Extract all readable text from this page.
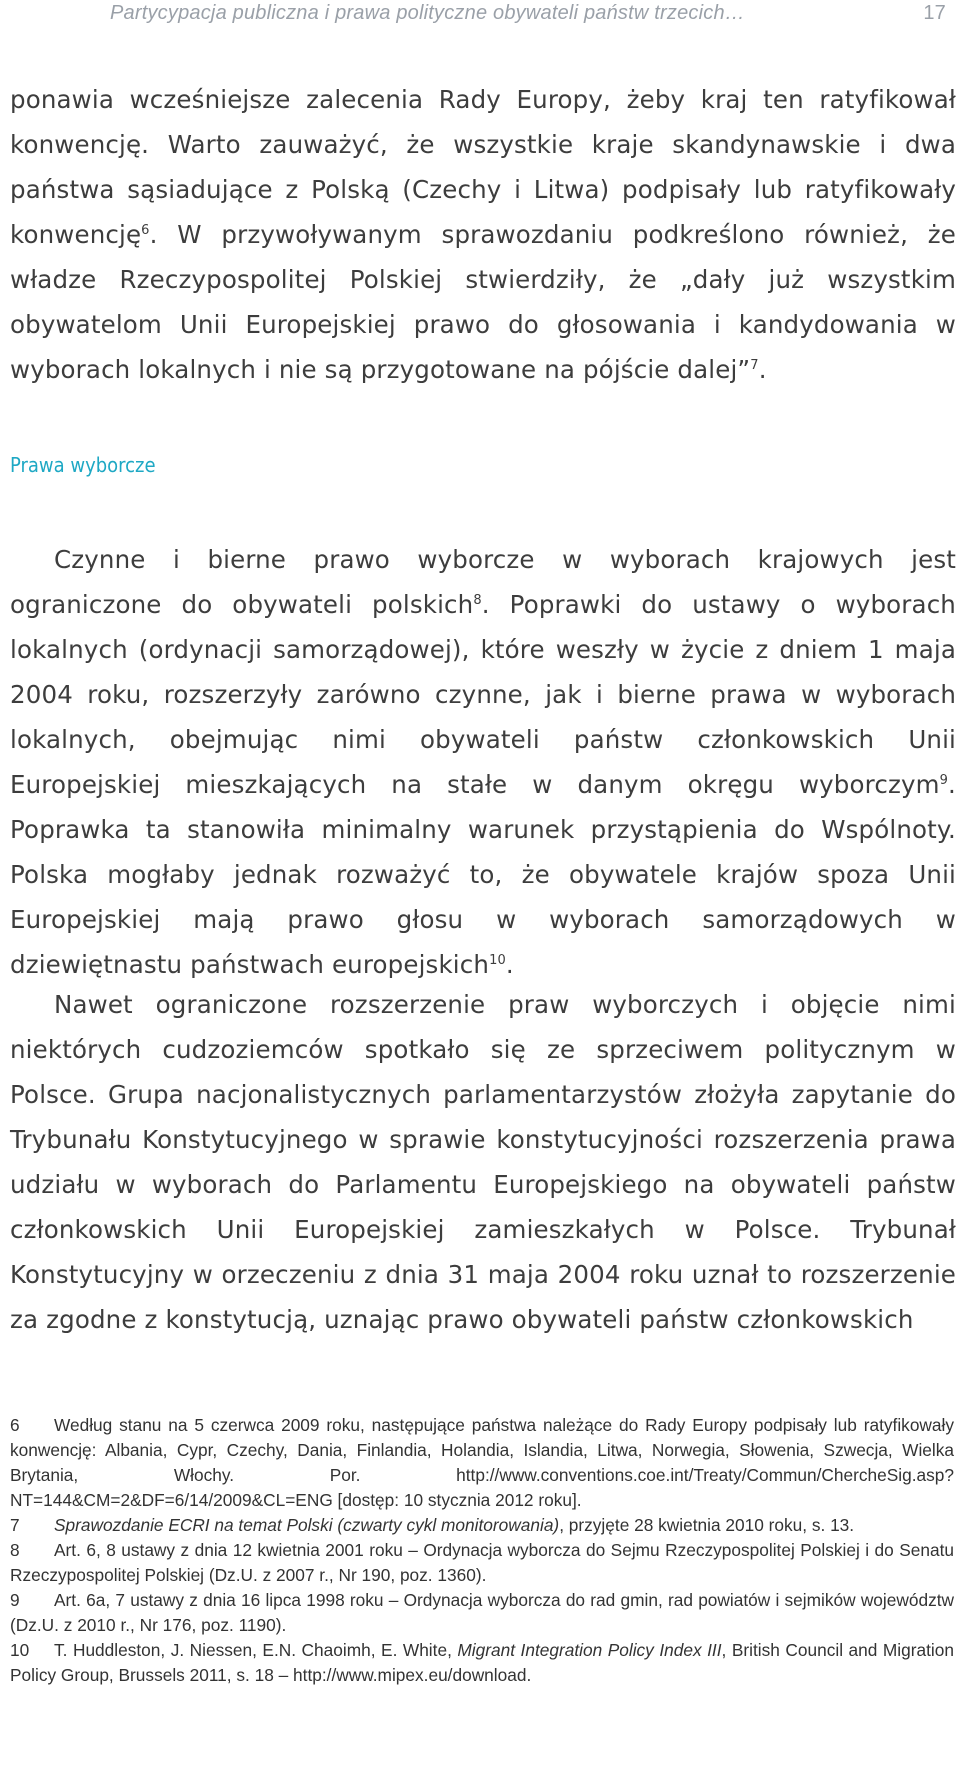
Partycypacja publiczna i prawa polityczne obywateli państw trzecich…	17

ponawia wcześniejsze zalecenia Rady Europy, żeby kraj ten ratyfikował konwencję. Warto zauważyć, że wszystkie kraje skandynawskie i dwa państwa sąsiadujące z Polską (Czechy i Litwa) podpisały lub ratyfikowały konwencję$^6$. W przywoływanym sprawozdaniu podkreślono również, że władze Rzeczypospolitej Polskiej stwierdziły, że „dały już wszystkim obywatelom Unii Europejskiej prawo do głosowania i kandydowania w wyborach lokalnych i nie są przygotowane na pójście dalej”$^7$.

Prawa wyborcze

Czynne i bierne prawo wyborcze w wyborach krajowych jest ograniczone do obywateli polskich$^8$. Poprawki do ustawy o wyborach lokalnych (ordynacji samorządowej), które weszły w życie z dniem 1 maja 2004 roku, rozszerzyły zarówno czynne, jak i bierne prawa w wyborach lokalnych, obejmując nimi obywateli państw członkowskich Unii Europejskiej mieszkających na stałe w danym okręgu wyborczym$^9$. Poprawka ta stanowiła minimalny warunek przystąpienia do Wspólnoty. Polska mogłaby jednak rozważyć to, że obywatele krajów spoza Unii Europejskiej mają prawo głosu w wyborach samorządowych w dziewiętnastu państwach europejskich$^{10}$.

Nawet ograniczone rozszerzenie praw wyborczych i objęcie nimi niektórych cudzoziemców spotkało się ze sprzeciwem politycznym w Polsce. Grupa nacjonalistycznych parlamentarzystów złożyła zapytanie do Trybunału Konstytucyjnego w sprawie konstytucyjności rozszerzenia prawa udziału w wyborach do Parlamentu Europejskiego na obywateli państw członkowskich Unii Europejskiej zamieszkałych w Polsce. Trybunał Konstytucyjny w orzeczeniu z dnia 31 maja 2004 roku uznał to rozszerzenie za zgodne z konstytucją, uznając prawo obywateli państw członkowskich

6 Według stanu na 5 czerwca 2009 roku, następujące państwa należące do Rady Europy podpisały lub ratyfikowały konwencję: Albania, Cypr, Czechy, Dania, Finlandia, Holandia, Islandia, Litwa, Norwegia, Słowenia, Szwecja, Wielka Brytania, Włochy. Por. http://www.conventions.coe.int/Treaty/Commun/ChercheSig.asp?NT=144&CM=2&DF=6/14/2009&CL=ENG [dostęp: 10 stycznia 2012 roku].

7 Sprawozdanie ECRI na temat Polski (czwarty cykl monitorowania), przyjęte 28 kwietnia 2010 roku, s. 13.

8 Art. 6, 8 ustawy z dnia 12 kwietnia 2001 roku – Ordynacja wyborcza do Sejmu Rzeczypospolitej Polskiej i do Senatu Rzeczypospolitej Polskiej (Dz.U. z 2007 r., Nr 190, poz. 1360).

9 Art. 6a, 7 ustawy z dnia 16 lipca 1998 roku – Ordynacja wyborcza do rad gmin, rad powiatów i sejmików województw (Dz.U. z 2010 r., Nr 176, poz. 1190).

10 T. Huddleston, J. Niessen, E.N. Chaoimh, E. White, Migrant Integration Policy Index III, British Council and Migration Policy Group, Brussels 2011, s. 18 – http://www.mipex.eu/download.
